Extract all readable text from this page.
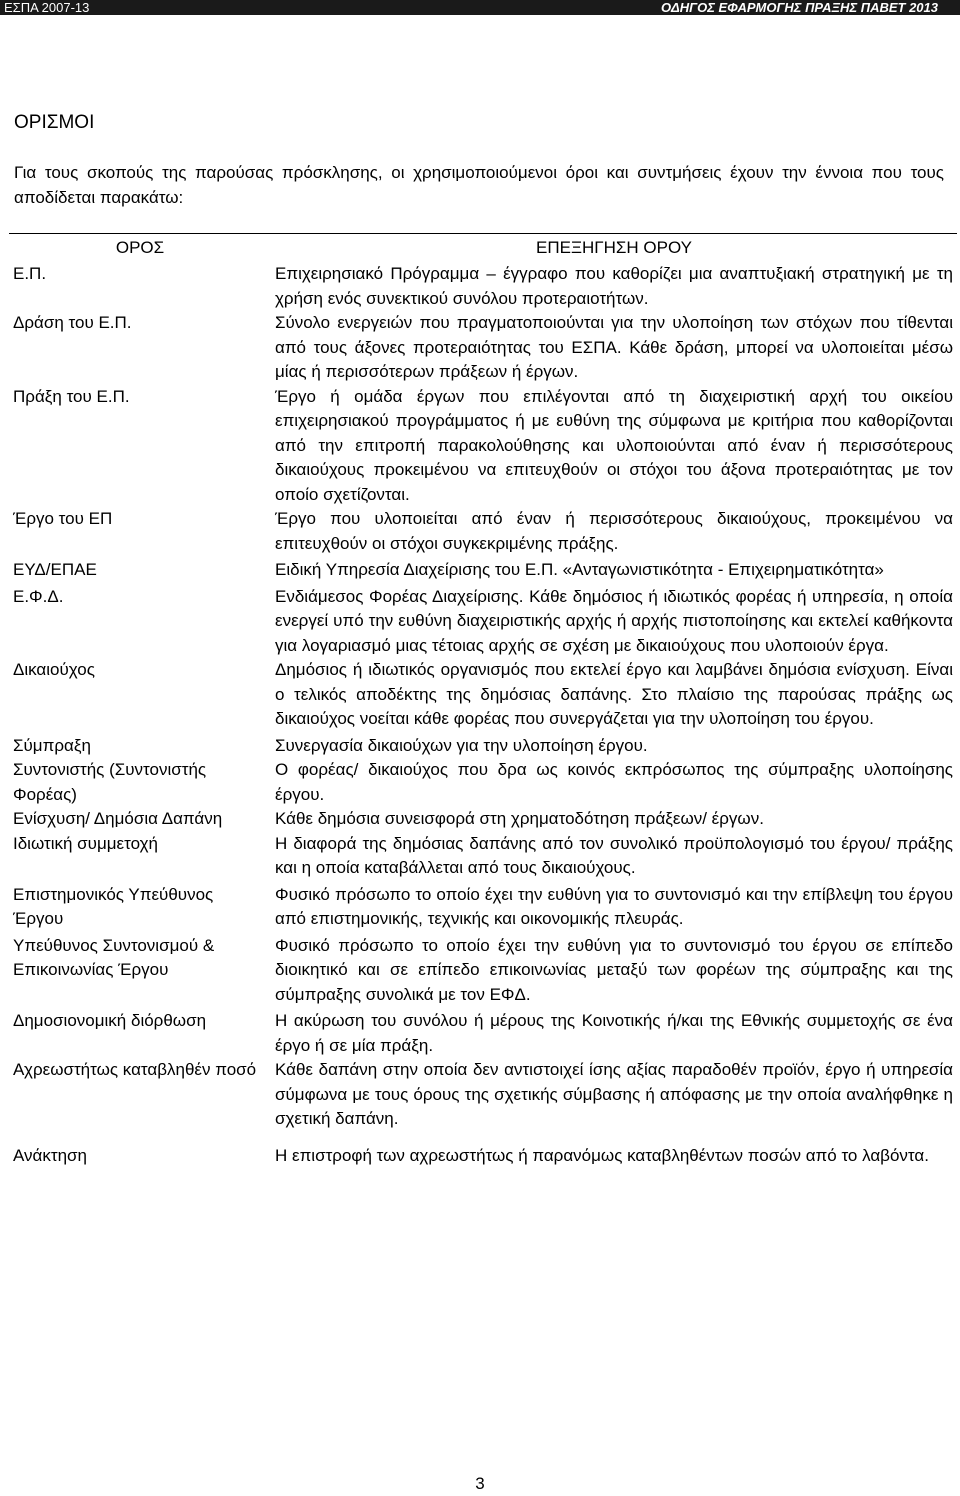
ΕΣΠΑ 2007-13	ΟΔΗΓΟΣ ΕΦΑΡΜΟΓΗΣ ΠΡΑΞΗΣ ΠΑΒΕΤ 2013
ΟΡΙΣΜΟΙ

Για τους σκοπούς της παρούσας πρόσκλησης, οι χρησιμοποιούμενοι όροι και συντμήσεις έχουν την έννοια που τους αποδίδεται παρακάτω:

ΟΡΟΣ	ΕΠΕΞΗΓΗΣΗ ΟΡΟΥ
Ε.Π.	Επιχειρησιακό Πρόγραμμα – έγγραφο που καθορίζει μια αναπτυξιακή στρατηγική με τη χρήση ενός συνεκτικού συνόλου προτεραιοτήτων.
Δράση του Ε.Π.	Σύνολο ενεργειών που πραγματοποιούνται για την υλοποίηση των στόχων που τίθενται από τους άξονες προτεραιότητας του ΕΣΠΑ. Κάθε δράση, μπορεί να υλοποιείται μέσω μίας ή περισσότερων πράξεων ή έργων.
Πράξη του Ε.Π.	Έργο ή ομάδα έργων που επιλέγονται από τη διαχειριστική αρχή του οικείου επιχειρησιακού προγράμματος ή με ευθύνη της σύμφωνα με κριτήρια που καθορίζονται από την επιτροπή παρακολούθησης και υλοποιούνται από έναν ή περισσότερους δικαιούχους προκειμένου να επιτευχθούν οι στόχοι του άξονα προτεραιότητας με τον οποίο σχετίζονται.
Έργο του ΕΠ	Έργο που υλοποιείται από έναν ή περισσότερους δικαιούχους, προκειμένου να επιτευχθούν οι στόχοι συγκεκριμένης πράξης.
ΕΥΔ/ΕΠΑΕ	Ειδική Υπηρεσία Διαχείρισης του Ε.Π. «Ανταγωνιστικότητα - Επιχειρηματικότητα»
Ε.Φ.Δ.	Ενδιάμεσος Φορέας Διαχείρισης. Κάθε δημόσιος ή ιδιωτικός φορέας ή υπηρεσία, η οποία ενεργεί υπό την ευθύνη διαχειριστικής αρχής ή αρχής πιστοποίησης και εκτελεί καθήκοντα για λογαριασμό μιας τέτοιας αρχής σε σχέση με δικαιούχους που υλοποιούν έργα.
Δικαιούχος	Δημόσιος ή ιδιωτικός οργανισμός που εκτελεί έργο και λαμβάνει δημόσια ενίσχυση. Είναι ο τελικός αποδέκτης της δημόσιας δαπάνης. Στο πλαίσιο της παρούσας πράξης ως δικαιούχος νοείται κάθε φορέας που συνεργάζεται για την υλοποίηση του έργου.
Σύμπραξη	Συνεργασία δικαιούχων για την υλοποίηση έργου.
Συντονιστής (Συντονιστής Φορέας)	Ο φορέας/ δικαιούχος που δρα ως κοινός εκπρόσωπος της σύμπραξης υλοποίησης έργου.
Ενίσχυση/ Δημόσια Δαπάνη	Κάθε δημόσια συνεισφορά στη χρηματοδότηση πράξεων/ έργων.
Ιδιωτική συμμετοχή	Η διαφορά της δημόσιας δαπάνης από τον συνολικό προϋπολογισμό του έργου/ πράξης και η οποία καταβάλλεται από τους δικαιούχους.
Επιστημονικός Υπεύθυνος Έργου	Φυσικό πρόσωπο το οποίο έχει την ευθύνη για το συντονισμό και την επίβλεψη του έργου από επιστημονικής, τεχνικής και οικονομικής πλευράς.
Υπεύθυνος Συντονισμού & Επικοινωνίας Έργου	Φυσικό πρόσωπο το οποίο έχει την ευθύνη για το συντονισμό του έργου σε επίπεδο διοικητικό και σε επίπεδο επικοινωνίας μεταξύ των φορέων της σύμπραξης και της σύμπραξης συνολικά με τον ΕΦΔ.
Δημοσιονομική διόρθωση	Η ακύρωση του συνόλου ή μέρους της Κοινοτικής ή/και της Εθνικής συμμετοχής σε ένα έργο ή σε μία πράξη.
Αχρεωστήτως καταβληθέν ποσό	Κάθε δαπάνη στην οποία δεν αντιστοιχεί ίσης αξίας παραδοθέν προϊόν, έργο ή υπηρεσία σύμφωνα με τους όρους της σχετικής σύμβασης ή απόφασης με την οποία αναλήφθηκε η σχετική δαπάνη.
Ανάκτηση	Η επιστροφή των αχρεωστήτως ή παρανόμως καταβληθέντων ποσών από το λαβόντα.
3
